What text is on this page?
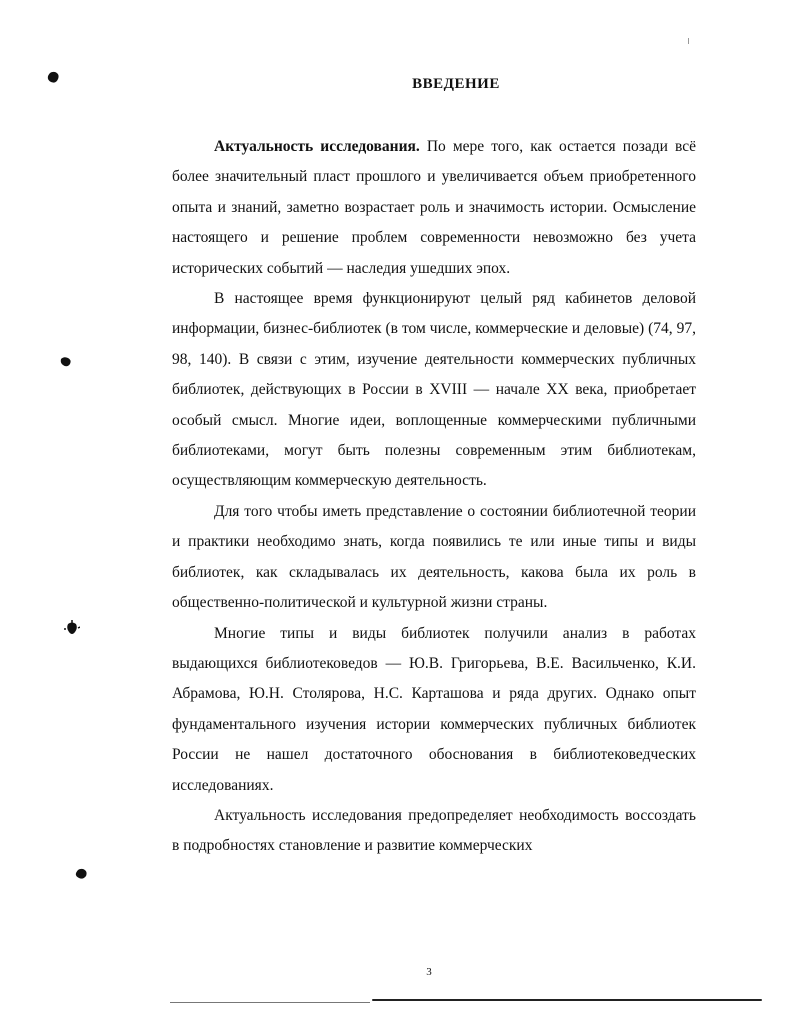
ВВЕДЕНИЕ

Актуальность исследования. По мере того, как остается позади всё более значительный пласт прошлого и увеличивается объем приобретенного опыта и знаний, заметно возрастает роль и значимость истории. Осмысление настоящего и решение проблем современности невозможно без учета исторических событий — наследия ушедших эпох.

В настоящее время функционируют целый ряд кабинетов деловой информации, бизнес-библиотек (в том числе, коммерческие и деловые) (74, 97, 98, 140). В связи с этим, изучение деятельности коммерческих публичных библиотек, действующих в России в XVIII — начале XX века, приобретает особый смысл. Многие идеи, воплощенные коммерческими публичными библиотеками, могут быть полезны современным этим библиотекам, осуществляющим коммерческую деятельность.

Для того чтобы иметь представление о состоянии библиотечной теории и практики необходимо знать, когда появились те или иные типы и виды библиотек, как складывалась их деятельность, какова была их роль в общественно-политической и культурной жизни страны.

Многие типы и виды библиотек получили анализ в работах выдающихся библиотековедов — Ю.В. Григорьева, В.Е. Васильченко, К.И. Абрамова, Ю.Н. Столярова, Н.С. Карташова и ряда других. Однако опыт фундаментального изучения истории коммерческих публичных библиотек России не нашел достаточного обоснования в библиотековедческих исследованиях.

Актуальность исследования предопределяет необходимость воссоздать в подробностях становление и развитие коммерческих

3
